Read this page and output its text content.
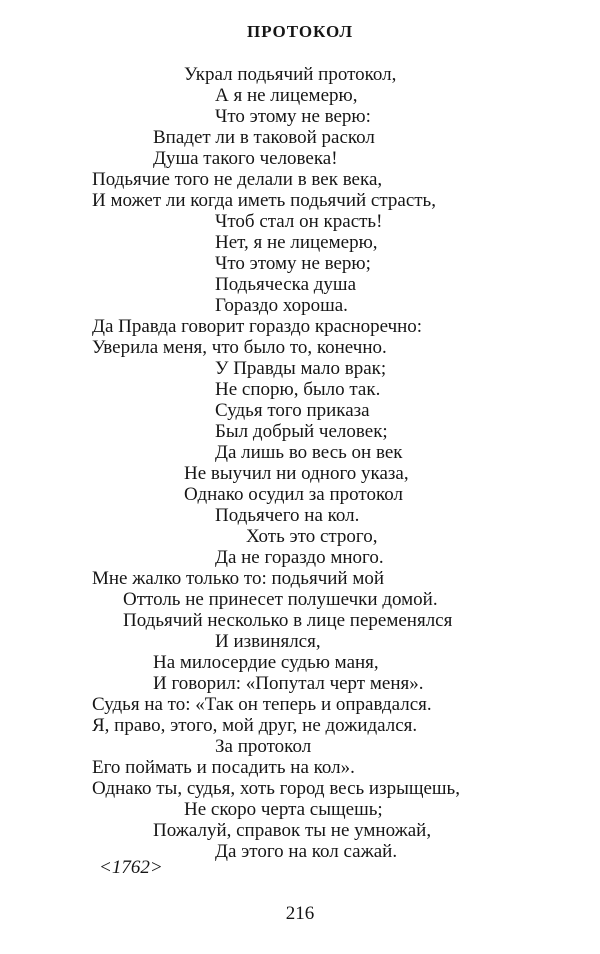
ПРОТОКОЛ
Украл подьячий протокол,
А я не лицемерю,
Что этому не верю:
Впадет ли в таковой раскол
Душа такого человека!
Подьячие того не делали в век века,
И может ли когда иметь подьячий страсть,
Чтоб стал он красть!
Нет, я не лицемерю,
Что этому не верю;
Подьяческа душа
Гораздо хороша.
Да Правда говорит гораздо красноречно:
Уверила меня, что было то, конечно.
У Правды мало врак;
Не спорю, было так.
Судья того приказа
Был добрый человек;
Да лишь во весь он век
Не выучил ни одного указа,
Однако осудил за протокол
Подьячего на кол.
Хоть это строго,
Да не гораздо много.
Мне жалко только то: подьячий мой
Оттоль не принесет полушечки домой.
Подьячий несколько в лице переменялся
И извинялся,
На милосердие судью маня,
И говорил: «Попутал черт меня».
Судья на то: «Так он теперь и оправдался.
Я, право, этого, мой друг, не дожидался.
За протокол
Его поймать и посадить на кол».
Однако ты, судья, хоть город весь изрыщешь,
Не скоро черта сыщешь;
Пожалуй, справок ты не умножай,
Да этого на кол сажай.
<1762>
216
